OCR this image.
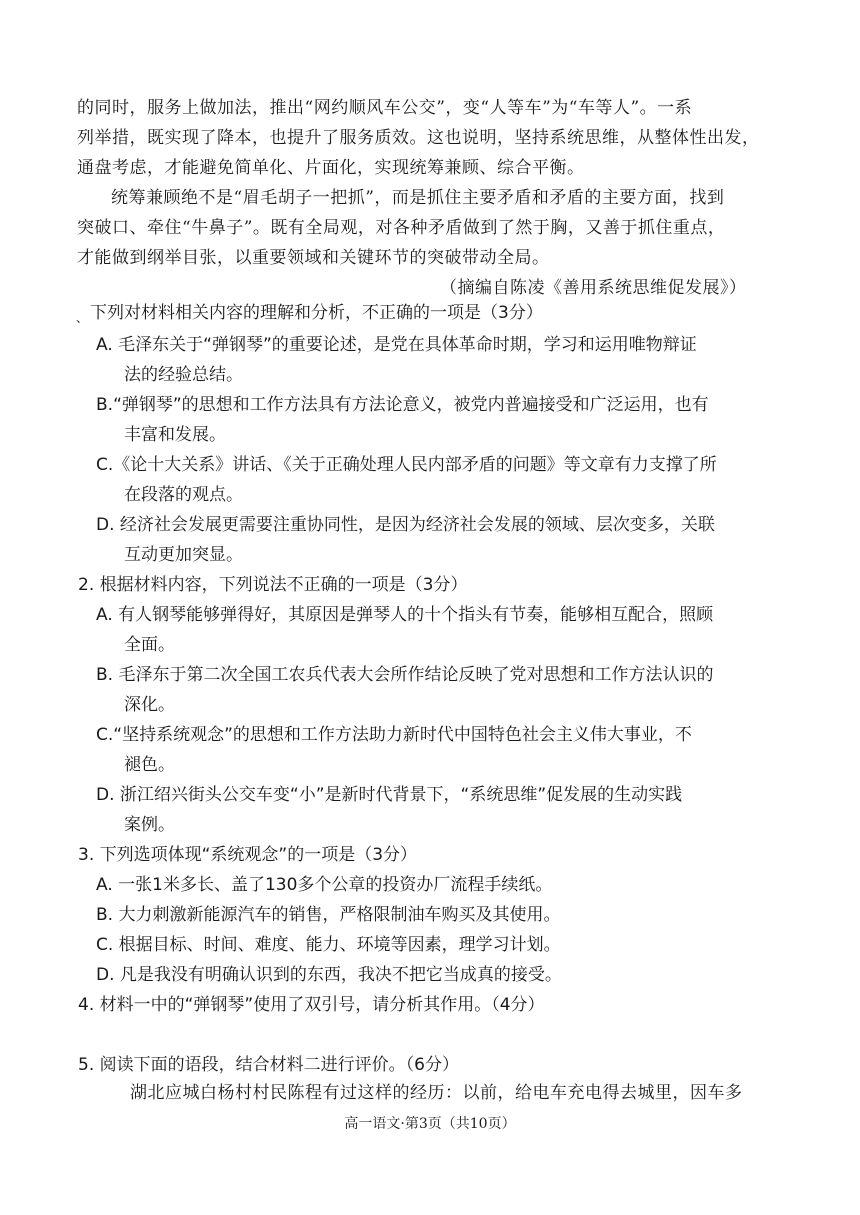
的同时，服务上做加法，推出“网约顺风车公交”，变“人等车”为“车等人”。一系
列举措，既实现了降本，也提升了服务质效。这也说明，坚持系统思维，从整体性出发，
通盘考虑，才能避免简单化、片面化，实现统筹兼顾、综合平衡。
统筹兼顾绝不是“眉毛胡子一把抓”，而是抓住主要矛盾和矛盾的主要方面，找到
突破口、牵住“牛鼻子”。既有全局观，对各种矛盾做到了然于胸，又善于抓住重点，
才能做到纲举目张，以重要领域和关键环节的突破带动全局。
（摘编自陈凌《善用系统思维促发展》）
、 下列对材料相关内容的理解和分析，不正确的一项是（3分）
A. 毛泽东关于“弹钢琴”的重要论述，是党在具体革命时期，学习和运用唯物辩证
法的经验总结。
B.“弹钢琴”的思想和工作方法具有方法论意义，被党内普遍接受和广泛运用，也有
丰富和发展。
C.《论十大关系》讲话、《关于正确处理人民内部矛盾的问题》等文章有力支撑了所
在段落的观点。
D. 经济社会发展更需要注重协同性，是因为经济社会发展的领域、层次变多，关联
互动更加突显。
2. 根据材料内容，下列说法不正确的一项是（3分）
A. 有人钢琴能够弹得好，其原因是弹琴人的十个指头有节奏，能够相互配合，照顾
全面。
B. 毛泽东于第二次全国工农兵代表大会所作结论反映了党对思想和工作方法认识的
深化。
C.“坚持系统观念”的思想和工作方法助力新时代中国特色社会主义伟大事业，不
褪色。
D. 浙江绍兴街头公交车变“小”是新时代背景下，“系统思维”促发展的生动实践
案例。
3. 下列选项体现“系统观念”的一项是（3分）
A. 一张1米多长、盖了130多个公章的投资办厂流程手续纸。
B. 大力刺激新能源汽车的销售，严格限制油车购买及其使用。
C. 根据目标、时间、难度、能力、环境等因素，理学习计划。
D. 凡是我没有明确认识到的东西，我决不把它当成真的接受。
4. 材料一中的“弹钢琴”使用了双引号，请分析其作用。（4分）
5. 阅读下面的语段，结合材料二进行评价。（6分）
湖北应城白杨村村民陈程有过这样的经历：以前，给电车充电得去城里，因车多
高一语文·第3页（共10页）
